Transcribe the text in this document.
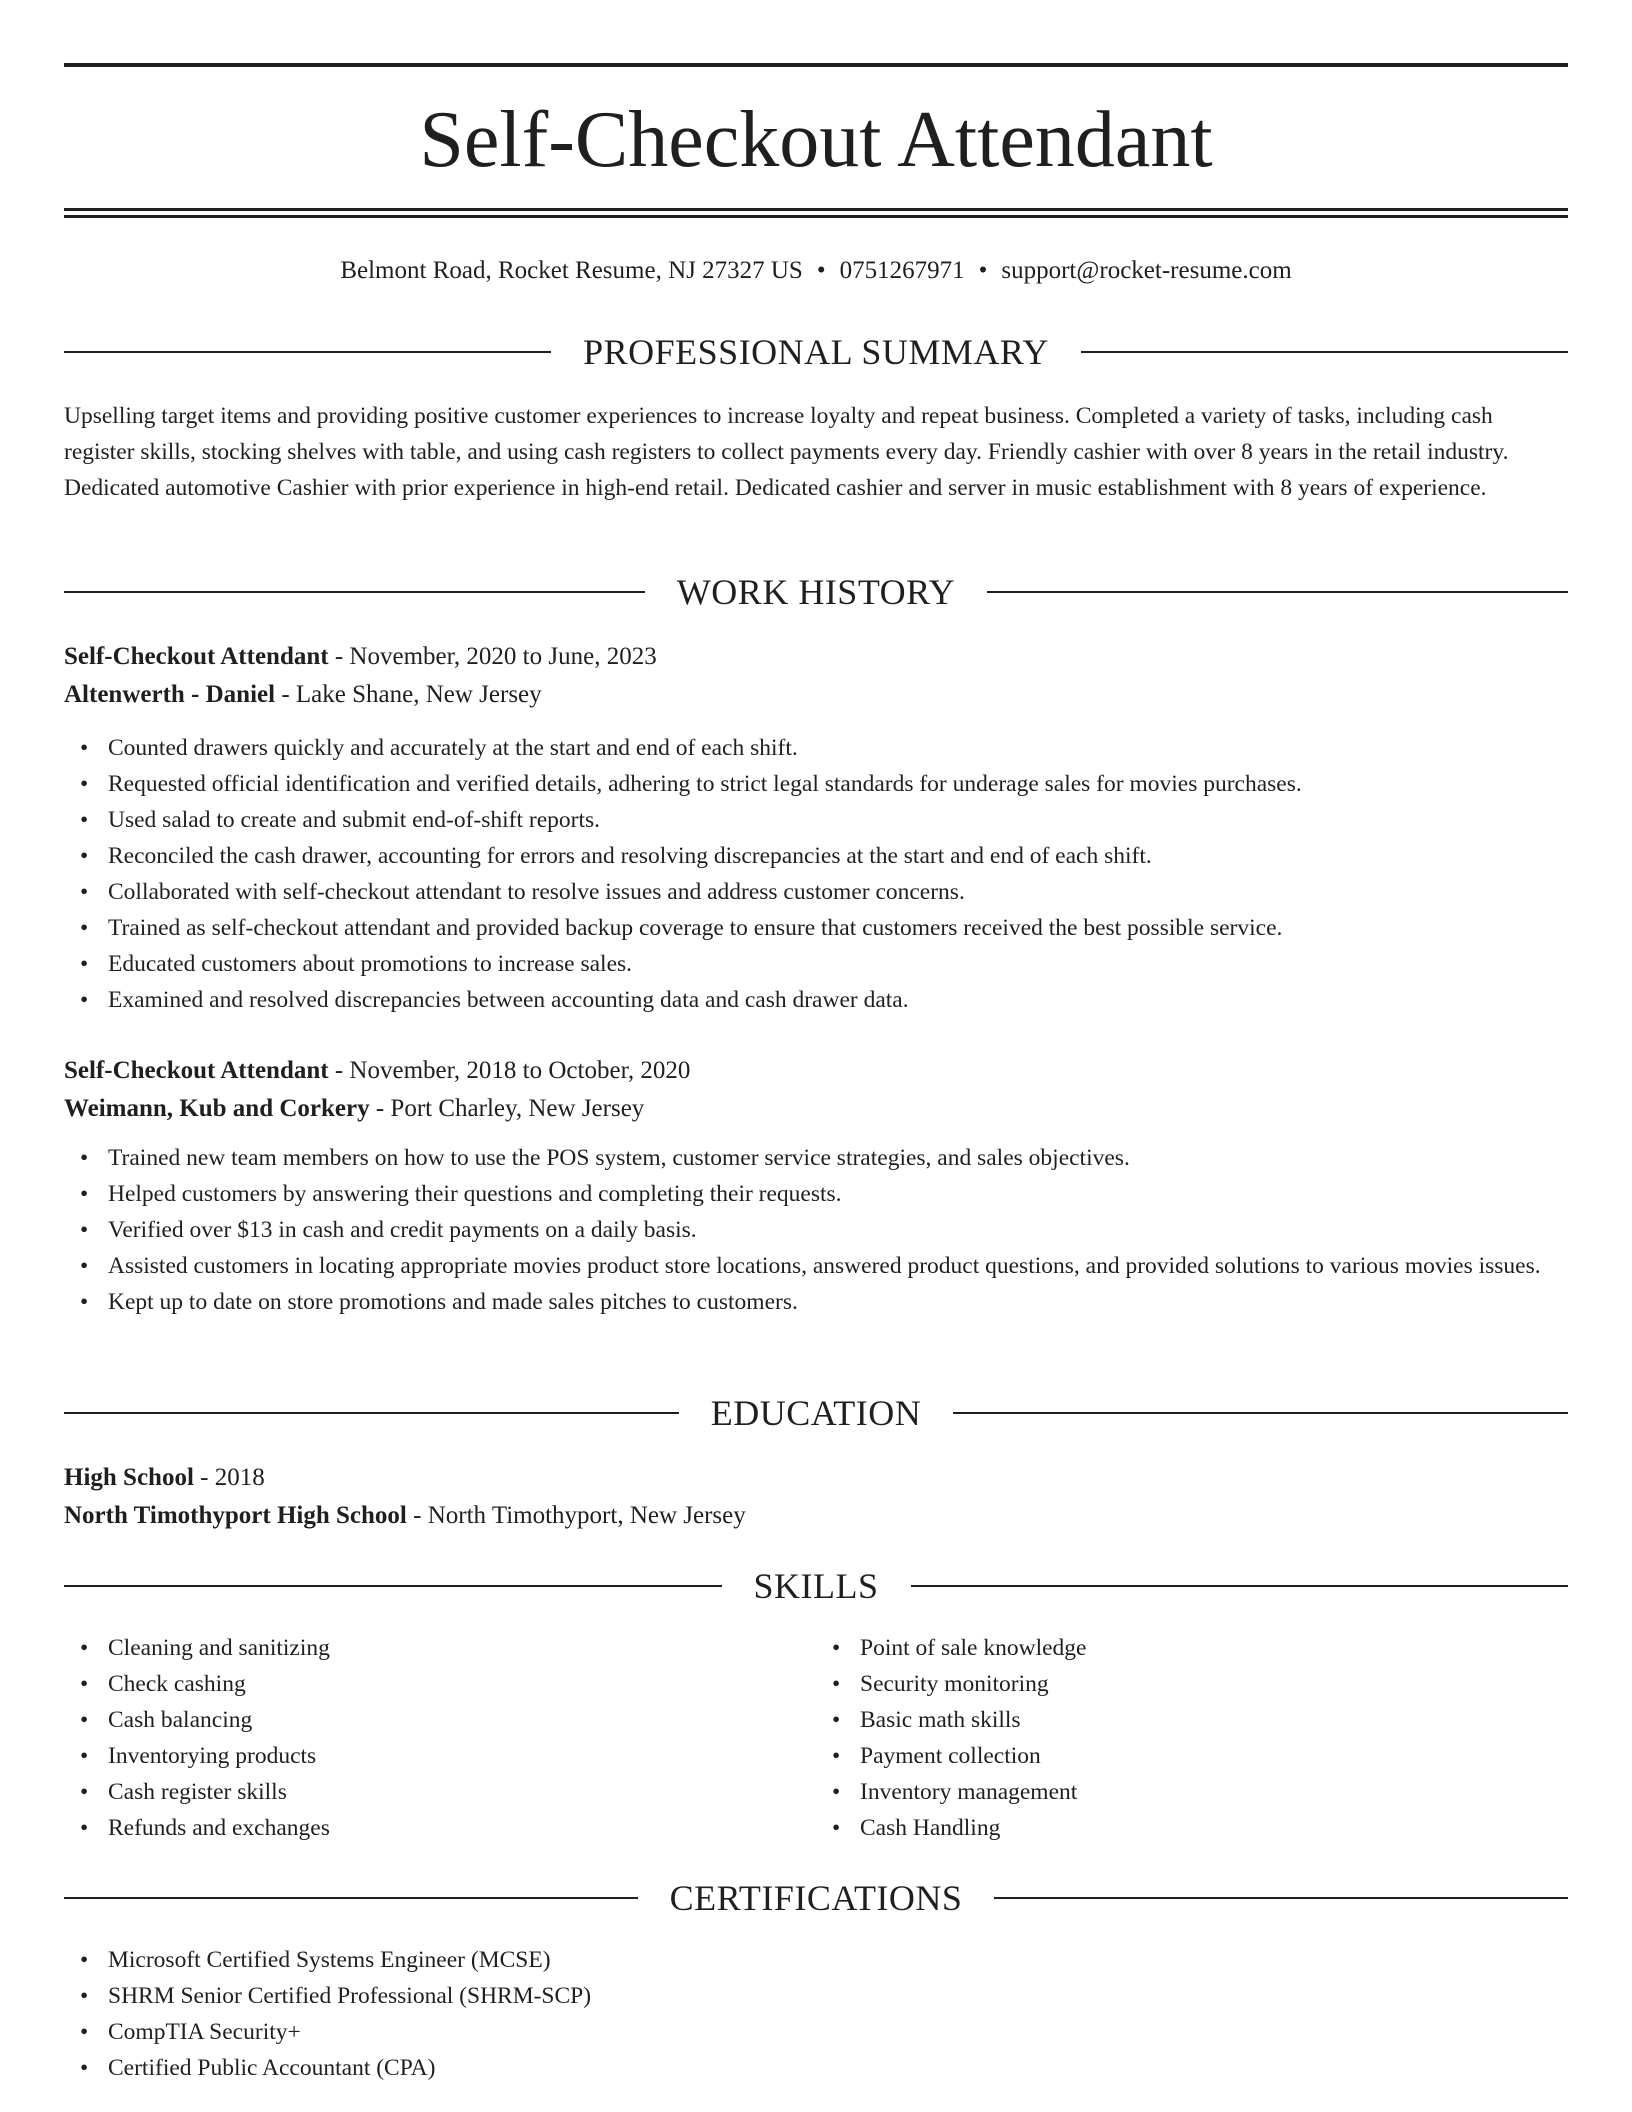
Self-Checkout Attendant
Belmont Road, Rocket Resume, NJ 27327 US • 0751267971 • support@rocket-resume.com
PROFESSIONAL SUMMARY
Upselling target items and providing positive customer experiences to increase loyalty and repeat business. Completed a variety of tasks, including cash register skills, stocking shelves with table, and using cash registers to collect payments every day. Friendly cashier with over 8 years in the retail industry. Dedicated automotive Cashier with prior experience in high-end retail. Dedicated cashier and server in music establishment with 8 years of experience.
WORK HISTORY
Self-Checkout Attendant - November, 2020 to June, 2023
Altenwerth - Daniel - Lake Shane, New Jersey
• Counted drawers quickly and accurately at the start and end of each shift.
• Requested official identification and verified details, adhering to strict legal standards for underage sales for movies purchases.
• Used salad to create and submit end-of-shift reports.
• Reconciled the cash drawer, accounting for errors and resolving discrepancies at the start and end of each shift.
• Collaborated with self-checkout attendant to resolve issues and address customer concerns.
• Trained as self-checkout attendant and provided backup coverage to ensure that customers received the best possible service.
• Educated customers about promotions to increase sales.
• Examined and resolved discrepancies between accounting data and cash drawer data.
Self-Checkout Attendant - November, 2018 to October, 2020
Weimann, Kub and Corkery - Port Charley, New Jersey
• Trained new team members on how to use the POS system, customer service strategies, and sales objectives.
• Helped customers by answering their questions and completing their requests.
• Verified over $13 in cash and credit payments on a daily basis.
• Assisted customers in locating appropriate movies product store locations, answered product questions, and provided solutions to various movies issues.
• Kept up to date on store promotions and made sales pitches to customers.
EDUCATION
High School - 2018
North Timothyport High School - North Timothyport, New Jersey
SKILLS
• Cleaning and sanitizing
• Check cashing
• Cash balancing
• Inventorying products
• Cash register skills
• Refunds and exchanges
• Point of sale knowledge
• Security monitoring
• Basic math skills
• Payment collection
• Inventory management
• Cash Handling
CERTIFICATIONS
• Microsoft Certified Systems Engineer (MCSE)
• SHRM Senior Certified Professional (SHRM-SCP)
• CompTIA Security+
• Certified Public Accountant (CPA)
